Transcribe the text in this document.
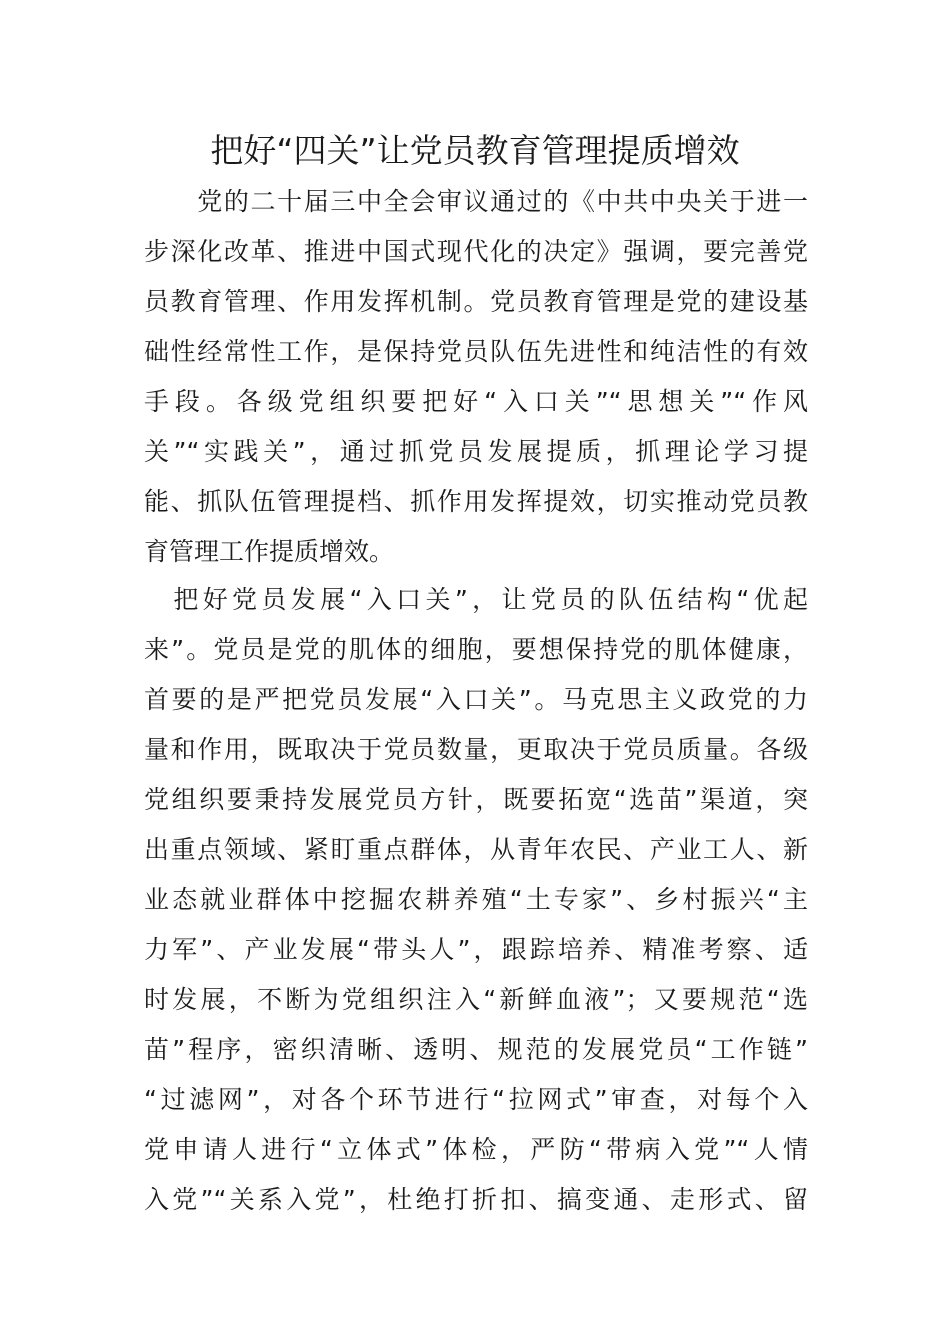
把好“四关”让党员教育管理提质增效
　　党的二十届三中全会审议通过的《中共中央关于进一
步深化改革、推进中国式现代化的决定》强调，要完善党
员教育管理、作用发挥机制。党员教育管理是党的建设基
础性经常性工作，是保持党员队伍先进性和纯洁性的有效
手段。各级党组织要把好“入口关”“思想关”“作风
关”“实践关”，通过抓党员发展提质，抓理论学习提
能、抓队伍管理提档、抓作用发挥提效，切实推动党员教
育管理工作提质增效。
　把好党员发展“入口关”，让党员的队伍结构“优起
来”。党员是党的肌体的细胞，要想保持党的肌体健康，
首要的是严把党员发展“入口关”。马克思主义政党的力
量和作用，既取决于党员数量，更取决于党员质量。各级
党组织要秉持发展党员方针，既要拓宽“选苗”渠道，突
出重点领域、紧盯重点群体，从青年农民、产业工人、新
业态就业群体中挖掘农耕养殖“土专家”、乡村振兴“主
力军”、产业发展“带头人”，跟踪培养、精准考察、适
时发展，不断为党组织注入“新鲜血液”；又要规范“选
苗”程序，密织清晰、透明、规范的发展党员“工作链”
“过滤网”，对各个环节进行“拉网式”审查，对每个入
党申请人进行“立体式”体检，严防“带病入党”“人情
入党”“关系入党”，杜绝打折扣、搞变通、走形式、留
